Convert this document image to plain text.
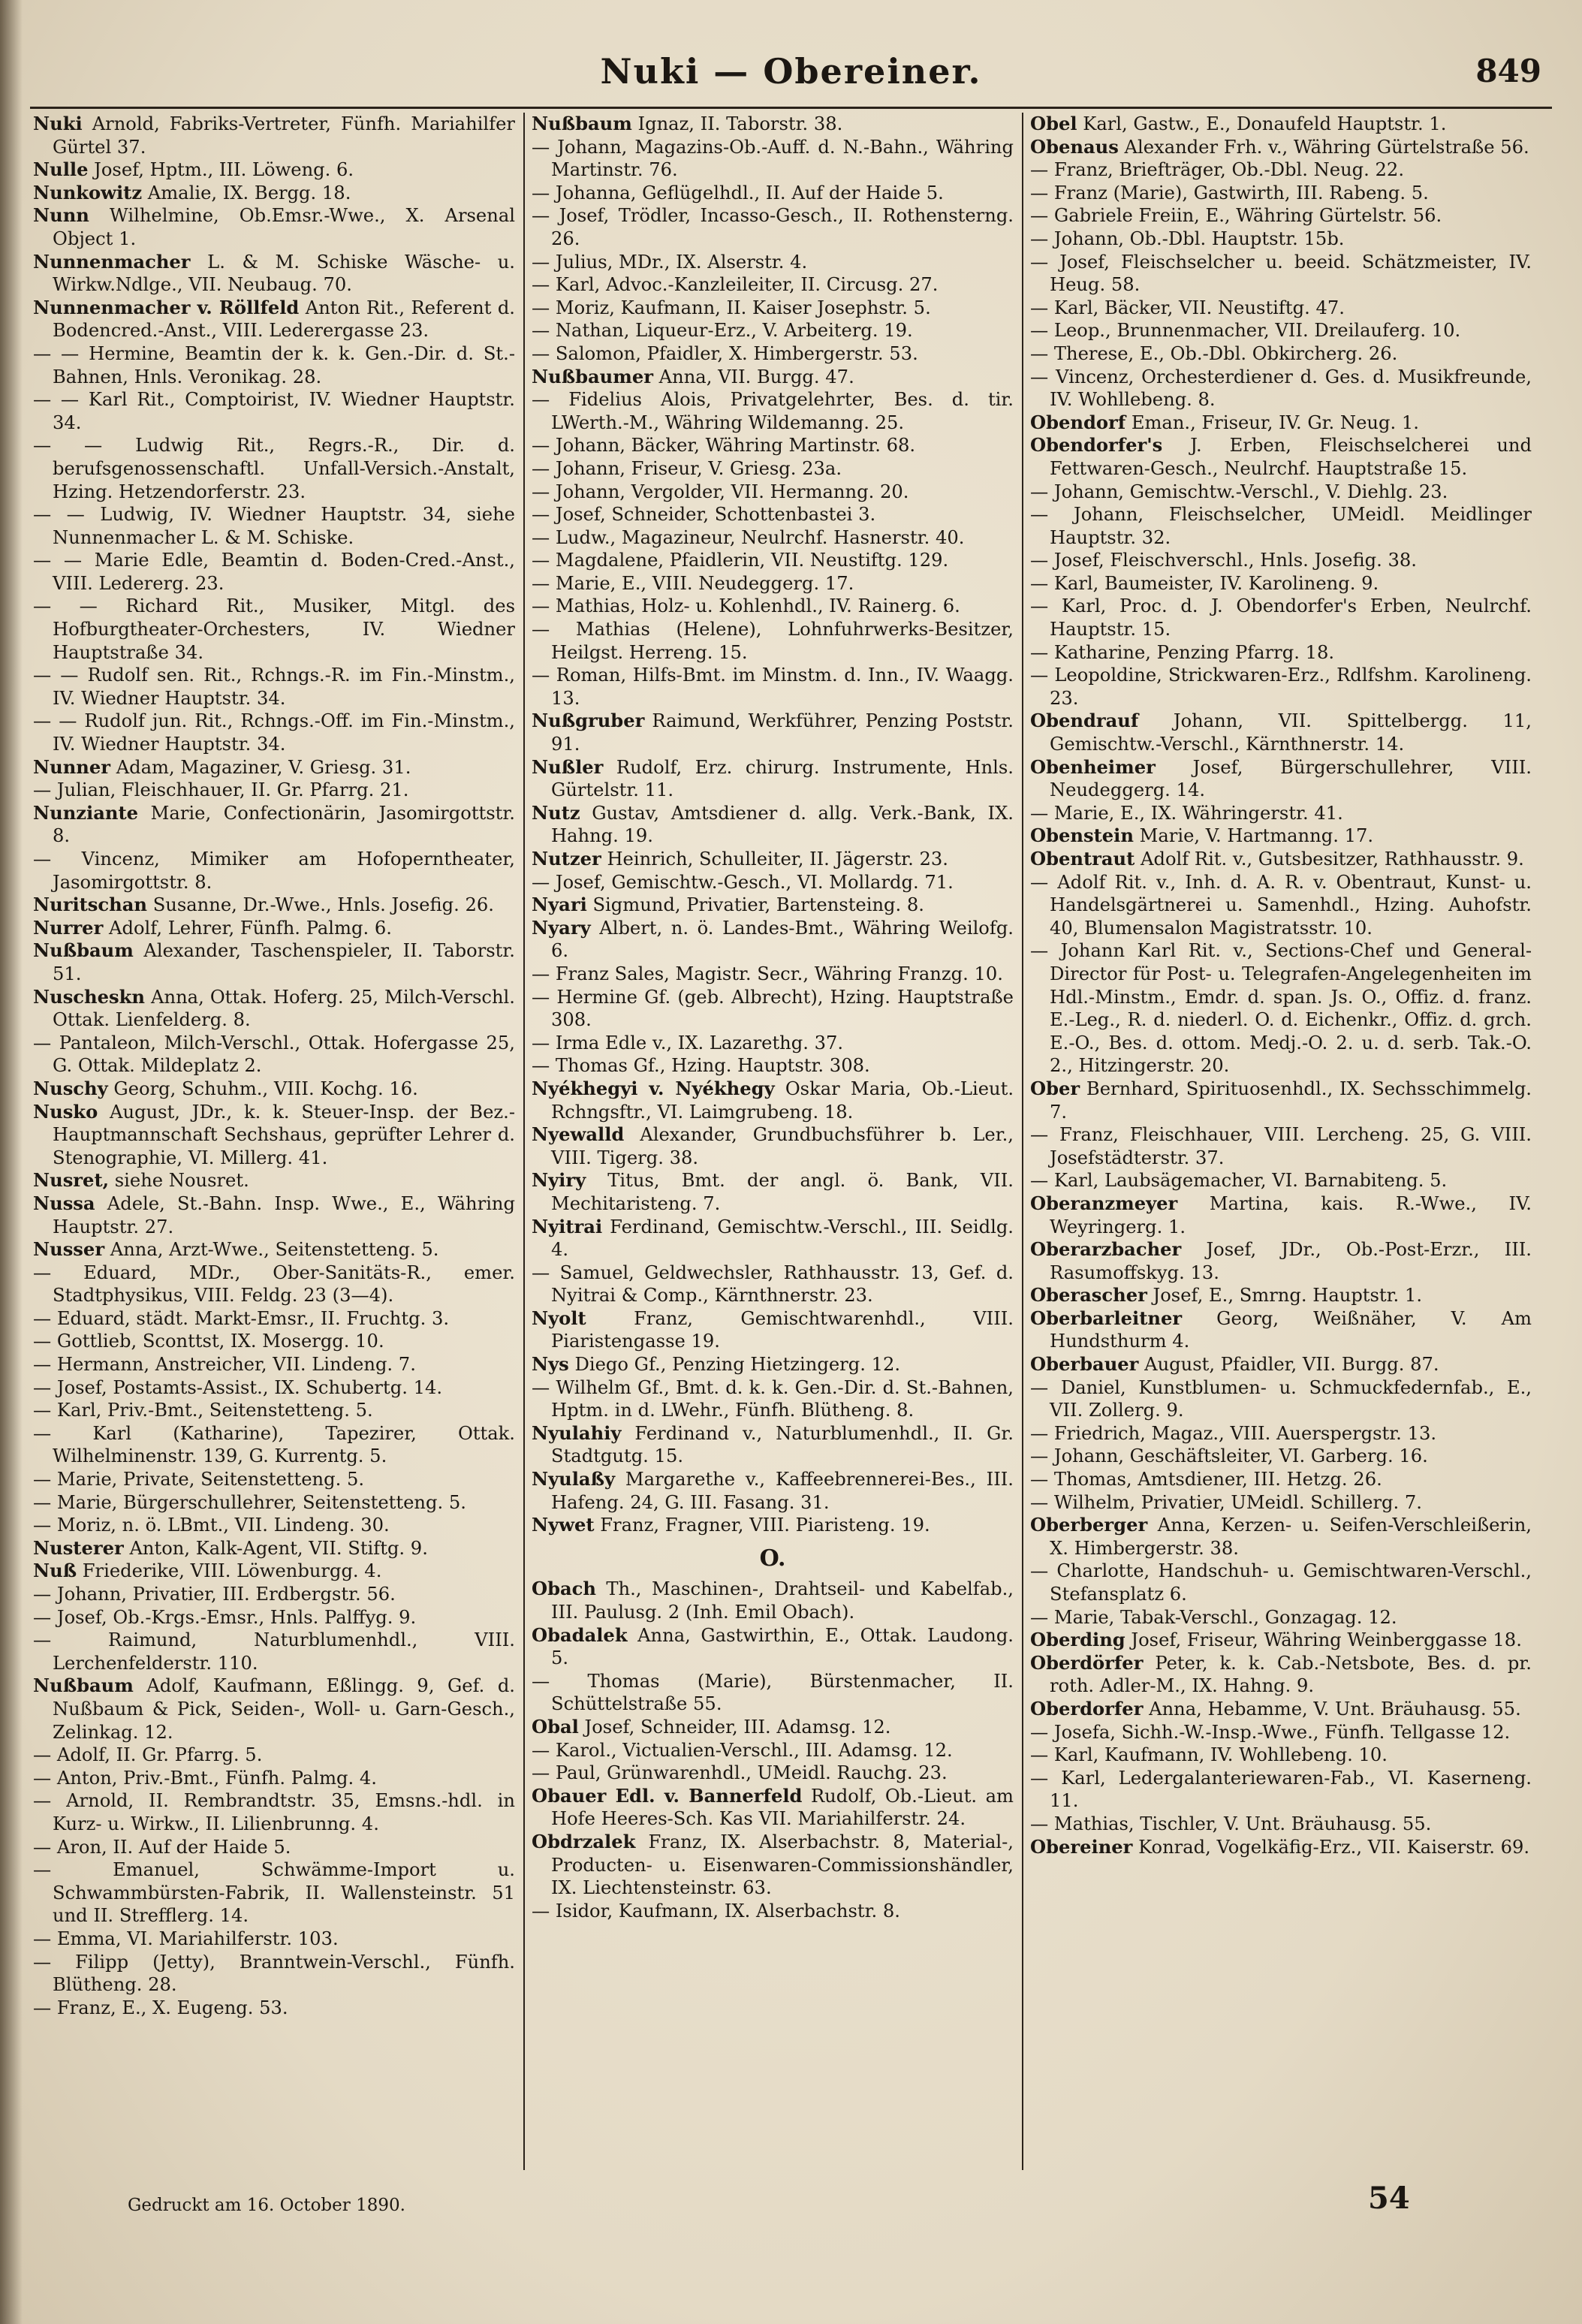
Nuki — Obereiner.	849

Nuki Arnold, Fabriks-Vertreter, Fünfh. Mariahilfer Gürtel 37.

Nulle Josef, Hptm., III. Löweng. 6.

Nunkowitz Amalie, IX. Bergg. 18.

Nunn Wilhelmine, Ob.Emsr.-Wwe., X. Arsenal Object 1.

Nunnenmacher L. & M. Schiske Wäsche- u. Wirkw.Ndlge., VII. Neubaug. 70.

Nunnenmacher v. Röllfeld Anton Rit., Referent d. Bodencred.-Anst., VIII. Lederergasse 23.

— — Hermine, Beamtin der k. k. Gen.-Dir. d. St.-Bahnen, Hnls. Veronikag. 28.

— — Karl Rit., Comptoirist, IV. Wiedner Hauptstr. 34.

— — Ludwig Rit., Regrs.-R., Dir. d. berufsgenossenschaftl. Unfall-Versich.-Anstalt, Hzing. Hetzendorferstr. 23.

— — Ludwig, IV. Wiedner Hauptstr. 34, siehe Nunnenmacher L. & M. Schiske.

— — Marie Edle, Beamtin d. Boden-Cred.-Anst., VIII. Ledererg. 23.

— — Richard Rit., Musiker, Mitgl. des Hofburgtheater-Orchesters, IV. Wiedner Hauptstraße 34.

— — Rudolf sen. Rit., Rchngs.-R. im Fin.-Minstm., IV. Wiedner Hauptstr. 34.

— — Rudolf jun. Rit., Rchngs.-Off. im Fin.-Minstm., IV. Wiedner Hauptstr. 34.

Nunner Adam, Magaziner, V. Griesg. 31.

— Julian, Fleischhauer, II. Gr. Pfarrg. 21.

Nunziante Marie, Confectionärin, Jasomirgottstr. 8.

— Vincenz, Mimiker am Hofoperntheater, Jasomirgottstr. 8.

Nuritschan Susanne, Dr.-Wwe., Hnls. Josefig. 26.

Nurrer Adolf, Lehrer, Fünfh. Palmg. 6.

Nußbaum Alexander, Taschenspieler, II. Taborstr. 51.

Nuscheskn Anna, Ottak. Hoferg. 25, Milch-Verschl. Ottak. Lienfelderg. 8.

— Pantaleon, Milch-Verschl., Ottak. Hofergasse 25, G. Ottak. Mildeplatz 2.

Nuschy Georg, Schuhm., VIII. Kochg. 16.

Nusko August, JDr., k. k. Steuer-Insp. der Bez.-Hauptmannschaft Sechshaus, geprüfter Lehrer d. Stenographie, VI. Millerg. 41.

Nusret, siehe Nousret.

Nussa Adele, St.-Bahn. Insp. Wwe., E., Währing Hauptstr. 27.

Nusser Anna, Arzt-Wwe., Seitenstetteng. 5.

— Eduard, MDr., Ober-Sanitäts-R., emer. Stadtphysikus, VIII. Feldg. 23 (3—4).

— Eduard, städt. Markt-Emsr., II. Fruchtg. 3.

— Gottlieb, Sconttst, IX. Mosergg. 10.

— Hermann, Anstreicher, VII. Lindeng. 7.

— Josef, Postamts-Assist., IX. Schubertg. 14.

— Karl, Priv.-Bmt., Seitenstetteng. 5.

— Karl (Katharine), Tapezirer, Ottak. Wilhelminenstr. 139, G. Kurrentg. 5.

— Marie, Private, Seitenstetteng. 5.

— Marie, Bürgerschullehrer, Seitenstetteng. 5.

— Moriz, n. ö. LBmt., VII. Lindeng. 30.

Nusterer Anton, Kalk-Agent, VII. Stiftg. 9.

Nuß Friederike, VIII. Löwenburgg. 4.

— Johann, Privatier, III. Erdbergstr. 56.

— Josef, Ob.-Krgs.-Emsr., Hnls. Palffyg. 9.

— Raimund, Naturblumenhdl., VIII. Lerchenfelderstr. 110.

Nußbaum Adolf, Kaufmann, Eßlingg. 9, Gef. d. Nußbaum & Pick, Seiden-, Woll- u. Garn-Gesch., Zelinkag. 12.

— Adolf, II. Gr. Pfarrg. 5.

— Anton, Priv.-Bmt., Fünfh. Palmg. 4.

— Arnold, II. Rembrandtstr. 35, Emsns.-hdl. in Kurz- u. Wirkw., II. Lilienbrunng. 4.

— Aron, II. Auf der Haide 5.

— Emanuel, Schwämme-Import u. Schwammbürsten-Fabrik, II. Wallensteinstr. 51 und II. Strefflerg. 14.

— Emma, VI. Mariahilferstr. 103.

— Filipp (Jetty), Branntwein-Verschl., Fünfh. Blütheng. 28.

— Franz, E., X. Eugeng. 53.

Nußbaum Ignaz, II. Taborstr. 38.

— Johann, Magazins-Ob.-Auff. d. N.-Bahn., Währing Martinstr. 76.

— Johanna, Geflügelhdl., II. Auf der Haide 5.

— Josef, Trödler, Incasso-Gesch., II. Rothensterng. 26.

— Julius, MDr., IX. Alserstr. 4.

— Karl, Advoc.-Kanzleileiter, II. Circusg. 27.

— Moriz, Kaufmann, II. Kaiser Josephstr. 5.

— Nathan, Liqueur-Erz., V. Arbeiterg. 19.

— Salomon, Pfaidler, X. Himbergerstr. 53.

Nußbaumer Anna, VII. Burgg. 47.

— Fidelius Alois, Privatgelehrter, Bes. d. tir. LWerth.-M., Währing Wildemanng. 25.

— Johann, Bäcker, Währing Martinstr. 68.

— Johann, Friseur, V. Griesg. 23a.

— Johann, Vergolder, VII. Hermanng. 20.

— Josef, Schneider, Schottenbastei 3.

— Ludw., Magazineur, Neulrchf. Hasnerstr. 40.

— Magdalene, Pfaidlerin, VII. Neustiftg. 129.

— Marie, E., VIII. Neudeggerg. 17.

— Mathias, Holz- u. Kohlenhdl., IV. Rainerg. 6.

— Mathias (Helene), Lohnfuhrwerks-Besitzer, Heilgst. Herreng. 15.

— Roman, Hilfs-Bmt. im Minstm. d. Inn., IV. Waagg. 13.

Nußgruber Raimund, Werkführer, Penzing Poststr. 91.

Nußler Rudolf, Erz. chirurg. Instrumente, Hnls. Gürtelstr. 11.

Nutz Gustav, Amtsdiener d. allg. Verk.-Bank, IX. Hahng. 19.

Nutzer Heinrich, Schulleiter, II. Jägerstr. 23.

— Josef, Gemischtw.-Gesch., VI. Mollardg. 71.

Nyari Sigmund, Privatier, Bartensteing. 8.

Nyary Albert, n. ö. Landes-Bmt., Währing Weilofg. 6.

— Franz Sales, Magistr. Secr., Währing Franzg. 10.

— Hermine Gf. (geb. Albrecht), Hzing. Hauptstraße 308.

— Irma Edle v., IX. Lazarethg. 37.

— Thomas Gf., Hzing. Hauptstr. 308.

Nyékhegyi v. Nyékhegy Oskar Maria, Ob.-Lieut. Rchngsftr., VI. Laimgrubeng. 18.

Nyewalld Alexander, Grundbuchsführer b. Ler., VIII. Tigerg. 38.

Nyiry Titus, Bmt. der angl. ö. Bank, VII. Mechitaristeng. 7.

Nyitrai Ferdinand, Gemischtw.-Verschl., III. Seidlg. 4.

— Samuel, Geldwechsler, Rathhausstr. 13, Gef. d. Nyitrai & Comp., Kärnthnerstr. 23.

Nyolt Franz, Gemischtwarenhdl., VIII. Piaristengasse 19.

Nys Diego Gf., Penzing Hietzingerg. 12.

— Wilhelm Gf., Bmt. d. k. k. Gen.-Dir. d. St.-Bahnen, Hptm. in d. LWehr., Fünfh. Blütheng. 8.

Nyulahiy Ferdinand v., Naturblumenhdl., II. Gr. Stadtgutg. 15.

Nyulaßy Margarethe v., Kaffeebrennerei-Bes., III. Hafeng. 24, G. III. Fasang. 31.

Nywet Franz, Fragner, VIII. Piaristeng. 19.

O.

Obach Th., Maschinen-, Drahtseil- und Kabelfab., III. Paulusg. 2 (Inh. Emil Obach).

Obadalek Anna, Gastwirthin, E., Ottak. Laudong. 5.

— Thomas (Marie), Bürstenmacher, II. Schüttelstraße 55.

Obal Josef, Schneider, III. Adamsg. 12.

— Karol., Victualien-Verschl., III. Adamsg. 12.

— Paul, Grünwarenhdl., UMeidl. Rauchg. 23.

Obauer Edl. v. Bannerfeld Rudolf, Ob.-Lieut. am Hofe Heeres-Sch. Kas VII. Mariahilferstr. 24.

Obdrzalek Franz, IX. Alserbachstr. 8, Material-, Producten- u. Eisenwaren-Commissionshändler, IX. Liechtensteinstr. 63.

— Isidor, Kaufmann, IX. Alserbachstr. 8.

Obel Karl, Gastw., E., Donaufeld Hauptstr. 1.

Obenaus Alexander Frh. v., Währing Gürtelstraße 56.

— Franz, Briefträger, Ob.-Dbl. Neug. 22.

— Franz (Marie), Gastwirth, III. Rabeng. 5.

— Gabriele Freiin, E., Währing Gürtelstr. 56.

— Johann, Ob.-Dbl. Hauptstr. 15b.

— Josef, Fleischselcher u. beeid. Schätzmeister, IV. Heug. 58.

— Karl, Bäcker, VII. Neustiftg. 47.

— Leop., Brunnenmacher, VII. Dreilauferg. 10.

— Therese, E., Ob.-Dbl. Obkircherg. 26.

— Vincenz, Orchesterdiener d. Ges. d. Musikfreunde, IV. Wohllebeng. 8.

Obendorf Eman., Friseur, IV. Gr. Neug. 1.

Obendorfer's J. Erben, Fleischselcherei und Fettwaren-Gesch., Neulrchf. Hauptstraße 15.

— Johann, Gemischtw.-Verschl., V. Diehlg. 23.

— Johann, Fleischselcher, UMeidl. Meidlinger Hauptstr. 32.

— Josef, Fleischverschl., Hnls. Josefig. 38.

— Karl, Baumeister, IV. Karolineng. 9.

— Karl, Proc. d. J. Obendorfer's Erben, Neulrchf. Hauptstr. 15.

— Katharine, Penzing Pfarrg. 18.

— Leopoldine, Strickwaren-Erz., Rdlfshm. Karolineng. 23.

Obendrauf Johann, VII. Spittelbergg. 11, Gemischtw.-Verschl., Kärnthnerstr. 14.

Obenheimer Josef, Bürgerschullehrer, VIII. Neudeggerg. 14.

— Marie, E., IX. Währingerstr. 41.

Obenstein Marie, V. Hartmanng. 17.

Obentraut Adolf Rit. v., Gutsbesitzer, Rathhausstr. 9.

— Adolf Rit. v., Inh. d. A. R. v. Obentraut, Kunst- u. Handelsgärtnerei u. Samenhdl., Hzing. Auhofstr. 40, Blumensalon Magistratsstr. 10.

— Johann Karl Rit. v., Sections-Chef und General-Director für Post- u. Telegrafen-Angelegenheiten im Hdl.-Minstm., Emdr. d. span. Js. O., Offiz. d. franz. E.-Leg., R. d. niederl. O. d. Eichenkr., Offiz. d. grch. E.-O., Bes. d. ottom. Medj.-O. 2. u. d. serb. Tak.-O. 2., Hitzingerstr. 20.

Ober Bernhard, Spirituosenhdl., IX. Sechsschimmelg. 7.

— Franz, Fleischhauer, VIII. Lercheng. 25, G. VIII. Josefstädterstr. 37.

— Karl, Laubsägemacher, VI. Barnabiteng. 5.

Oberanzmeyer Martina, kais. R.-Wwe., IV. Weyringerg. 1.

Oberarzbacher Josef, JDr., Ob.-Post-Erzr., III. Rasumoffskyg. 13.

Oberascher Josef, E., Smrng. Hauptstr. 1.

Oberbarleitner Georg, Weißnäher, V. Am Hundsthurm 4.

Oberbauer August, Pfaidler, VII. Burgg. 87.

— Daniel, Kunstblumen- u. Schmuckfedernfab., E., VII. Zollerg. 9.

— Friedrich, Magaz., VIII. Auerspergstr. 13.

— Johann, Geschäftsleiter, VI. Garberg. 16.

— Thomas, Amtsdiener, III. Hetzg. 26.

— Wilhelm, Privatier, UMeidl. Schillerg. 7.

Oberberger Anna, Kerzen- u. Seifen-Verschleißerin, X. Himbergerstr. 38.

— Charlotte, Handschuh- u. Gemischtwaren-Verschl., Stefansplatz 6.

— Marie, Tabak-Verschl., Gonzagag. 12.

Oberding Josef, Friseur, Währing Weinberggasse 18.

Oberdörfer Peter, k. k. Cab.-Netsbote, Bes. d. pr. roth. Adler-M., IX. Hahng. 9.

Oberdorfer Anna, Hebamme, V. Unt. Bräuhausg. 55.

— Josefa, Sichh.-W.-Insp.-Wwe., Fünfh. Tellgasse 12.

— Karl, Kaufmann, IV. Wohllebeng. 10.

— Karl, Ledergalanteriewaren-Fab., VI. Kaserneng. 11.

— Mathias, Tischler, V. Unt. Bräuhausg. 55.

Obereiner Konrad, Vogelkäfig-Erz., VII. Kaiserstr. 69.

Gedruckt am 16. October 1890.	54
